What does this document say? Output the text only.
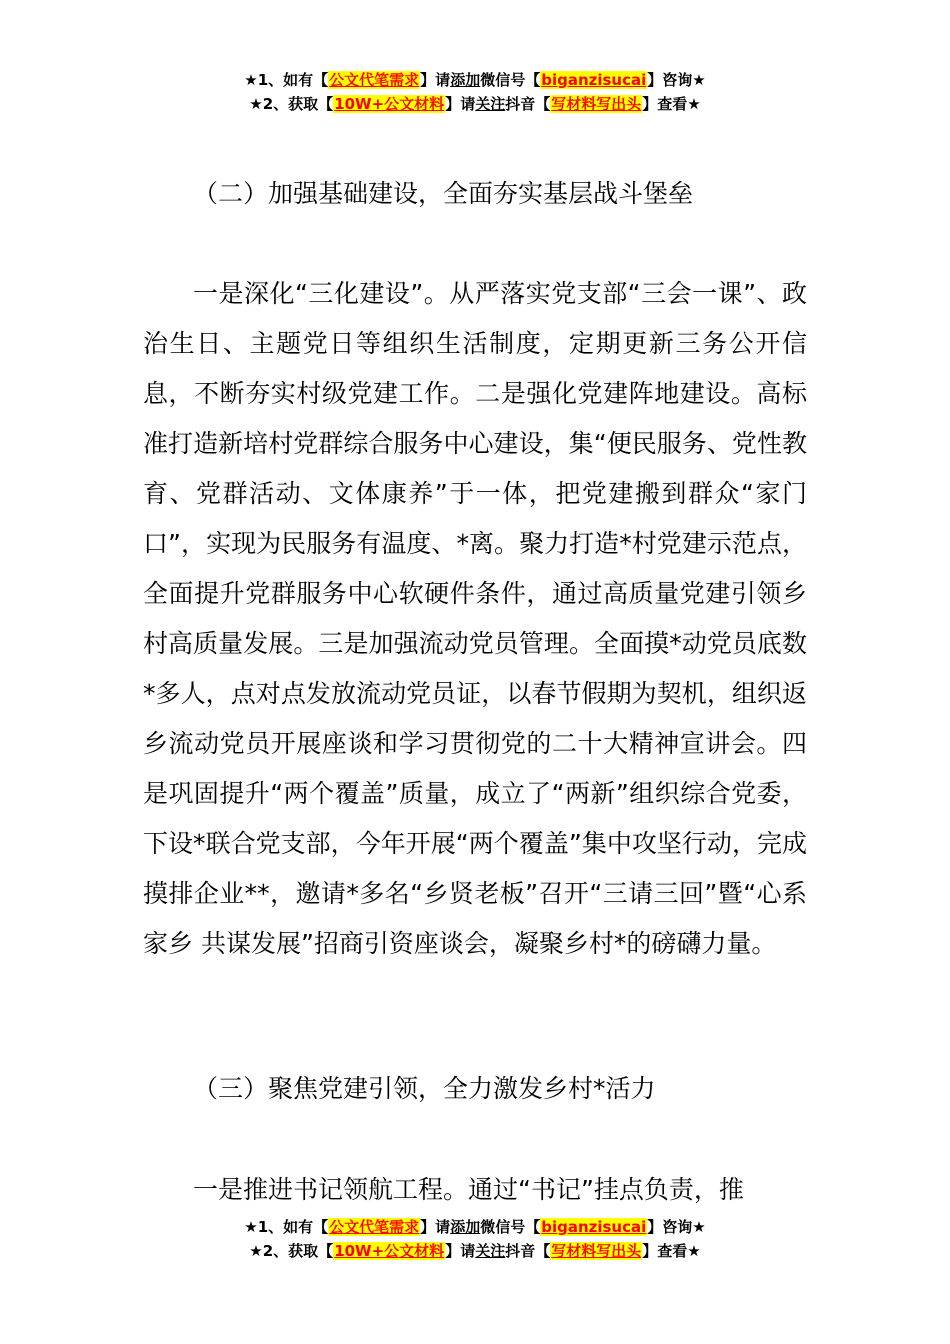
★1、如有【公文代笔需求】请添加微信号【biganzisucai】咨询★
★2、获取【10W+公文材料】请关注抖音【写材料写出头】查看★
（二）加强基础建设，全面夯实基层战斗堡垒

一是深化“三化建设”。从严落实党支部“三会一课”、政治生日、主题党日等组织生活制度，定期更新三务公开信息，不断夯实村级党建工作。二是强化党建阵地建设。高标准打造新培村党群综合服务中心建设，集“便民服务、党性教育、党群活动、文体康养”于一体，把党建搬到群众“家门口”，实现为民服务有温度、*离。聚力打造*村党建示范点，全面提升党群服务中心软硬件条件，通过高质量党建引领乡村高质量发展。三是加强流动党员管理。全面摸*动党员底数*多人，点对点发放流动党员证，以春节假期为契机，组织返乡流动党员开展座谈和学习贯彻党的二十大精神宣讲会。四是巩固提升“两个覆盖”质量，成立了“两新”组织综合党委，下设*联合党支部，今年开展“两个覆盖”集中攻坚行动，完成摸排企业**，邀请*多名“乡贤老板”召开“三请三回”暨“心系家乡 共谋发展”招商引资座谈会，凝聚乡村*的磅礴力量。

（三）聚焦党建引领，全力激发乡村*活力

一是推进书记领航工程。通过“书记”挂点负责，推

★1、如有【公文代笔需求】请添加微信号【biganzisucai】咨询★
★2、获取【10W+公文材料】请关注抖音【写材料写出头】查看★
